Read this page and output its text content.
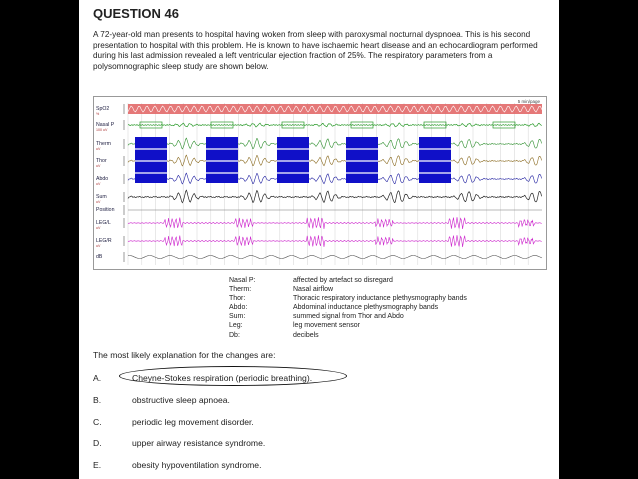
QUESTION 46
A 72-year-old man presents to hospital having woken from sleep with paroxysmal nocturnal dyspnoea. This is his second presentation to hospital with this problem. He is known to have ischaemic heart disease and an echocardiogram performed during his last admission revealed a left ventricular ejection fraction of 25%. The respiratory parameters from a polysomnographic sleep study are shown below.
5 min/page
SpO2
%
Nasal P
100 uV
Therm
uV
Thor
uV
Abdo
uV
Sum
uV
Position
LEG/L
uV
LEG/R
uV
dB
Nasal P:	affected by artefact so disregard
Therm:	Nasal airflow
Thor:	Thoracic respiratory inductance plethysmography bands
Abdo:	Abdominal inductance plethysmography bands
Sum:	summed signal from Thor and Abdo
Leg:	leg movement sensor
Db:	decibels
The most likely explanation for the changes are:
A.	Cheyne-Stokes respiration (periodic breathing).
B.	obstructive sleep apnoea.
C.	periodic leg movement disorder.
D.	upper airway resistance syndrome.
E.	obesity hypoventilation syndrome.
